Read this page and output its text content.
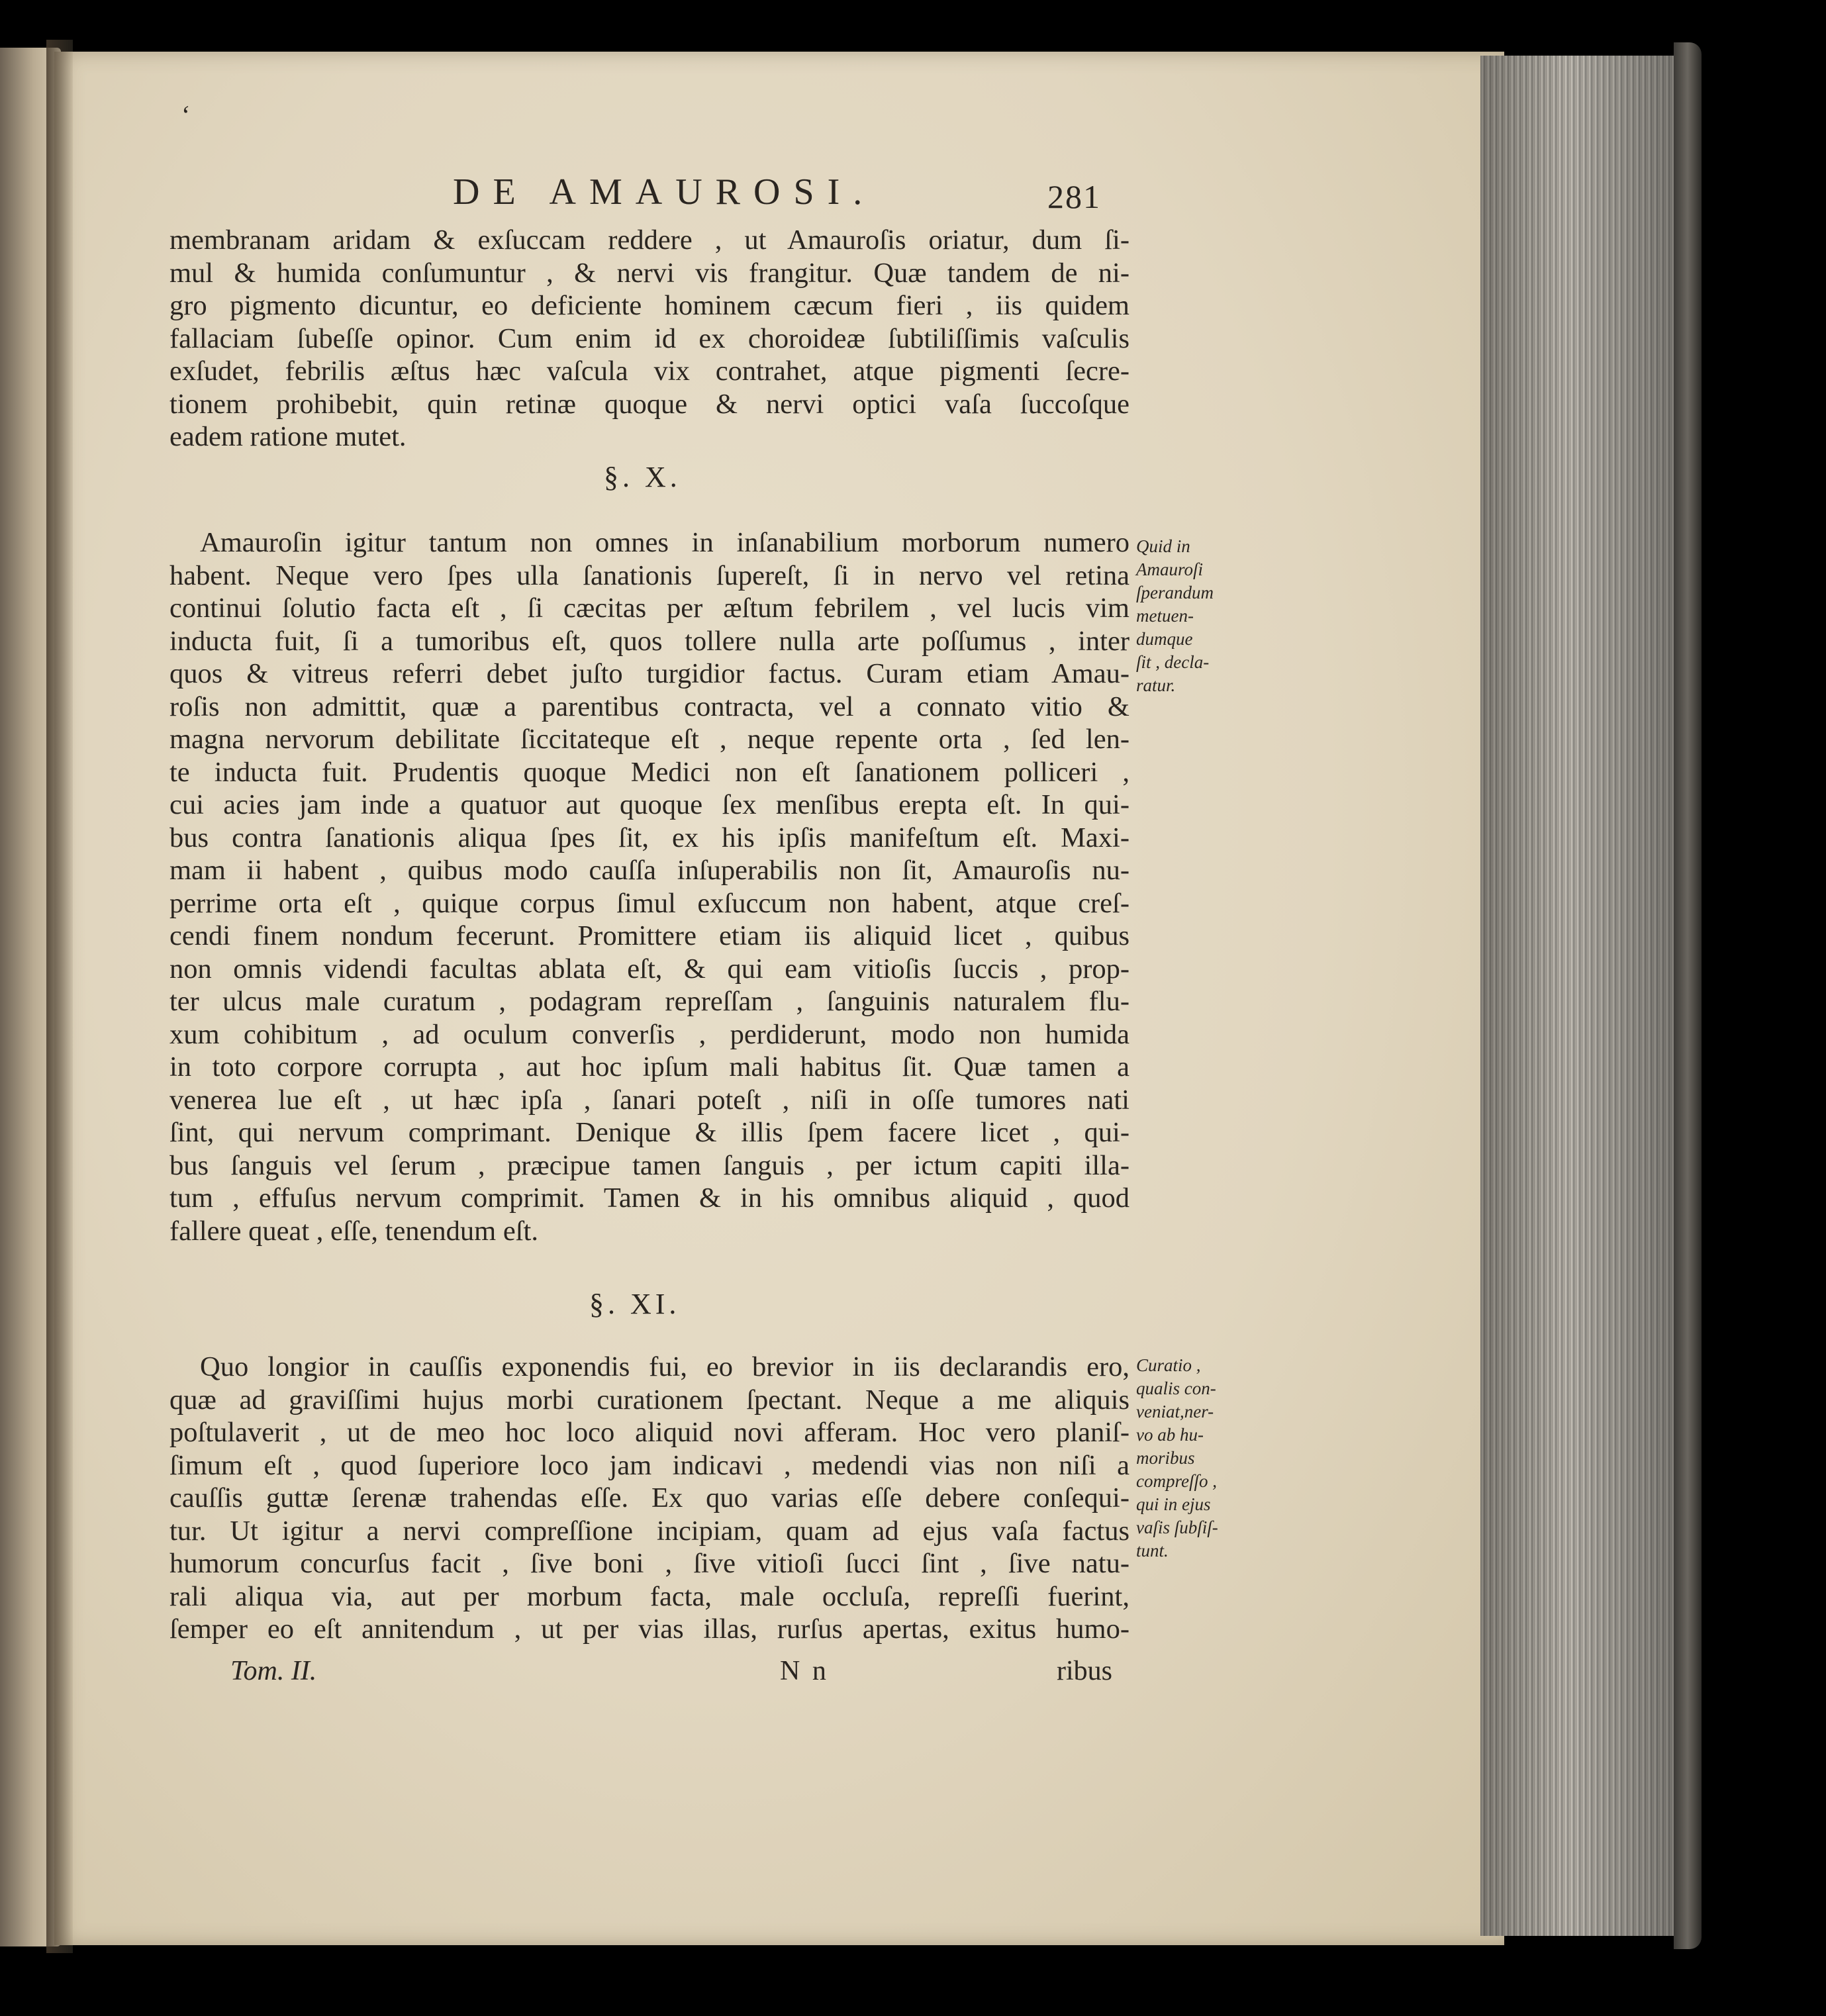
‘
DE AMAUROSI.	281
membranam aridam & exſuccam reddere , ut Amauroſis oriatur, dum ſi-
mul & humida conſumuntur , & nervi vis frangitur. Quæ tandem de ni-
gro pigmento dicuntur, eo deficiente hominem cæcum fieri , iis quidem
fallaciam ſubeſſe opinor. Cum enim id ex choroideæ ſubtiliſſimis vaſculis
exſudet, febrilis æſtus hæc vaſcula vix contrahet, atque pigmenti ſecre-
tionem prohibebit, quin retinæ quoque & nervi optici vaſa ſuccoſque
eadem ratione mutet.
§. X.
Amauroſin igitur tantum non omnes in inſanabilium morborum numero
habent. Neque vero ſpes ulla ſanationis ſupereſt, ſi in nervo vel retina
continui ſolutio facta eſt , ſi cæcitas per æſtum febrilem , vel lucis vim
inducta fuit, ſi a tumoribus eſt, quos tollere nulla arte poſſumus , inter
quos & vitreus referri debet juſto turgidior factus. Curam etiam Amau-
roſis non admittit, quæ a parentibus contracta, vel a connato vitio &
magna nervorum debilitate ſiccitateque eſt , neque repente orta , ſed len-
te inducta fuit. Prudentis quoque Medici non eſt ſanationem polliceri ,
cui acies jam inde a quatuor aut quoque ſex menſibus erepta eſt. In qui-
bus contra ſanationis aliqua ſpes ſit, ex his ipſis manifeſtum eſt. Maxi-
mam ii habent , quibus modo cauſſa inſuperabilis non ſit, Amauroſis nu-
perrime orta eſt , quique corpus ſimul exſuccum non habent, atque creſ-
cendi finem nondum fecerunt. Promittere etiam iis aliquid licet , quibus
non omnis videndi facultas ablata eſt, & qui eam vitioſis ſuccis , prop-
ter ulcus male curatum , podagram repreſſam , ſanguinis naturalem flu-
xum cohibitum , ad oculum converſis , perdiderunt, modo non humida
in toto corpore corrupta , aut hoc ipſum mali habitus ſit. Quæ tamen a
venerea lue eſt , ut hæc ipſa , ſanari poteſt , niſi in oſſe tumores nati
ſint, qui nervum comprimant. Denique & illis ſpem facere licet , qui-
bus ſanguis vel ſerum , præcipue tamen ſanguis , per ictum capiti illa-
tum , effuſus nervum comprimit. Tamen & in his omnibus aliquid , quod
fallere queat , eſſe, tenendum eſt.
Quid in
Amauroſi
ſperandum
metuen-
dumque
ſit , decla-
ratur.
§. XI.
Quo longior in cauſſis exponendis fui, eo brevior in iis declarandis ero,
quæ ad graviſſimi hujus morbi curationem ſpectant. Neque a me aliquis
poſtulaverit , ut de meo hoc loco aliquid novi afferam. Hoc vero planiſ-
ſimum eſt , quod ſuperiore loco jam indicavi , medendi vias non niſi a
cauſſis guttæ ſerenæ trahendas eſſe. Ex quo varias eſſe debere conſequi-
tur. Ut igitur a nervi compreſſione incipiam, quam ad ejus vaſa factus
humorum concurſus facit , ſive boni , ſive vitioſi ſucci ſint , ſive natu-
rali aliqua via, aut per morbum facta, male occluſa, repreſſi fuerint,
ſemper eo eſt annitendum , ut per vias illas, rurſus apertas, exitus humo-
Curatio ,
qualis con-
veniat,ner-
vo ab hu-
moribus
compreſſo ,
qui in ejus
vaſis ſubſiſ-
tunt.
Tom. II.	N n	ribus
